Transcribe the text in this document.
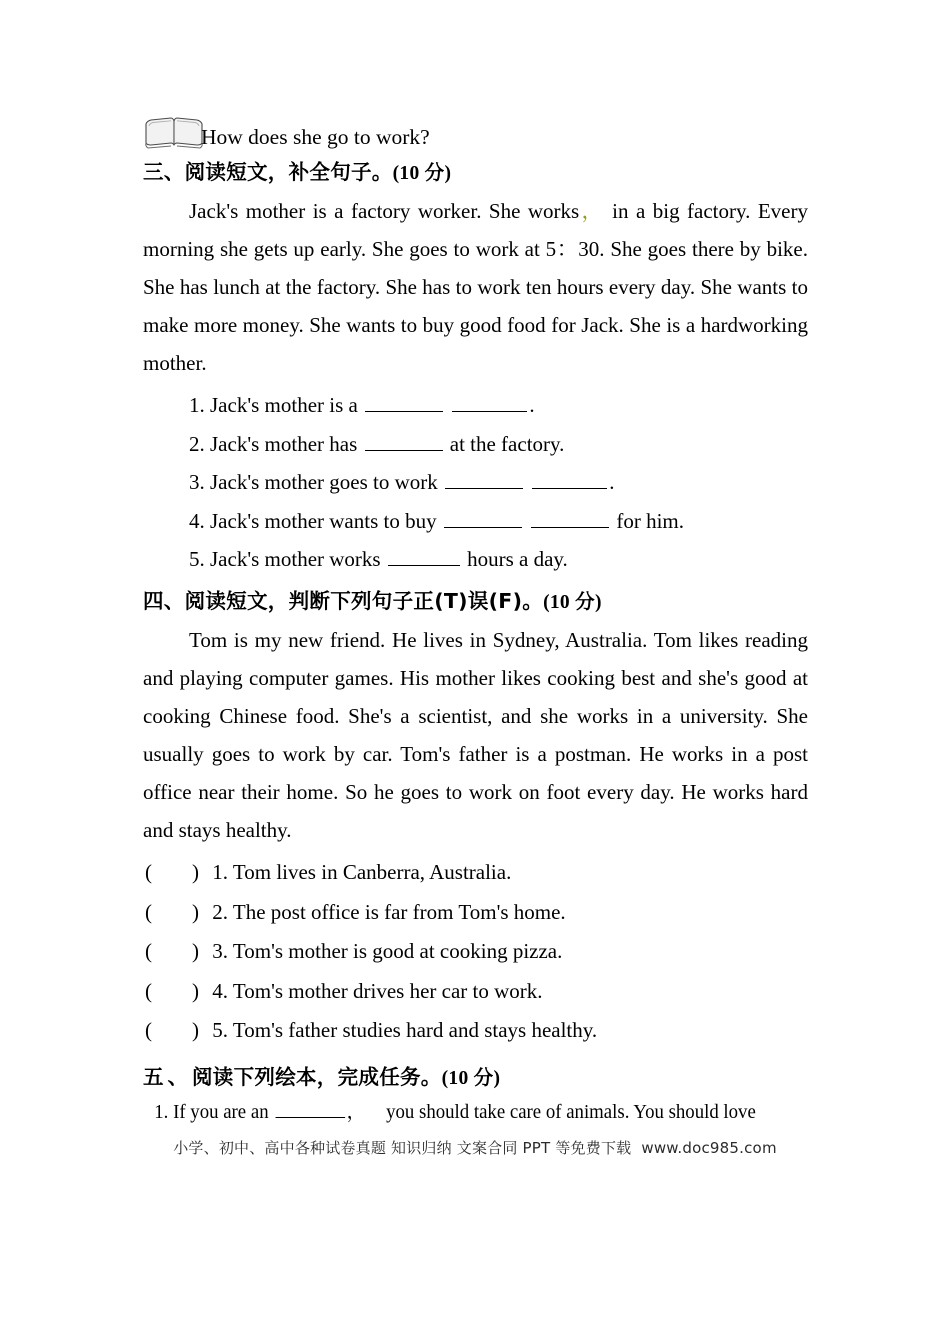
How does she go to work?
三、阅读短文，补全句子。(10 分)

Jack's mother is a factory worker. She works， in a big factory. Every morning she gets up early. She goes to work at 5：30. She goes there by bike. She has lunch at the factory. She has to work ten hours every day. She wants to make more money. She wants to buy good food for Jack. She is a hardworking mother.

1. Jack's mother is a	.
2. Jack's mother has	at the factory.
3. Jack's mother goes to work	.
4. Jack's mother wants to buy	for him.
5. Jack's mother works	hours a day.
四、阅读短文，判断下列句子正(T)误(F)。(10 分)

Tom is my new friend. He lives in Sydney, Australia. Tom likes reading and playing computer games. His mother likes cooking best and she's good at cooking Chinese food. She's a scientist, and she works in a university. She usually goes to work by car. Tom's father is a postman. He works in a post office near their home. So he goes to work on foot every day. He works hard and stays healthy.

( ) 1. Tom lives in Canberra, Australia.
( ) 2. The post office is far from Tom's home.
( ) 3. Tom's mother is good at cooking pizza.
( ) 4. Tom's mother drives her car to work.
( ) 5. Tom's father studies hard and stays healthy.
五、阅读下列绘本，完成任务。(10 分)
1. If you are an	， you should take care of animals. You should love
小学、初中、高中各种试卷真题 知识归纳 文案合同 PPT 等免费下载 www.doc985.com
